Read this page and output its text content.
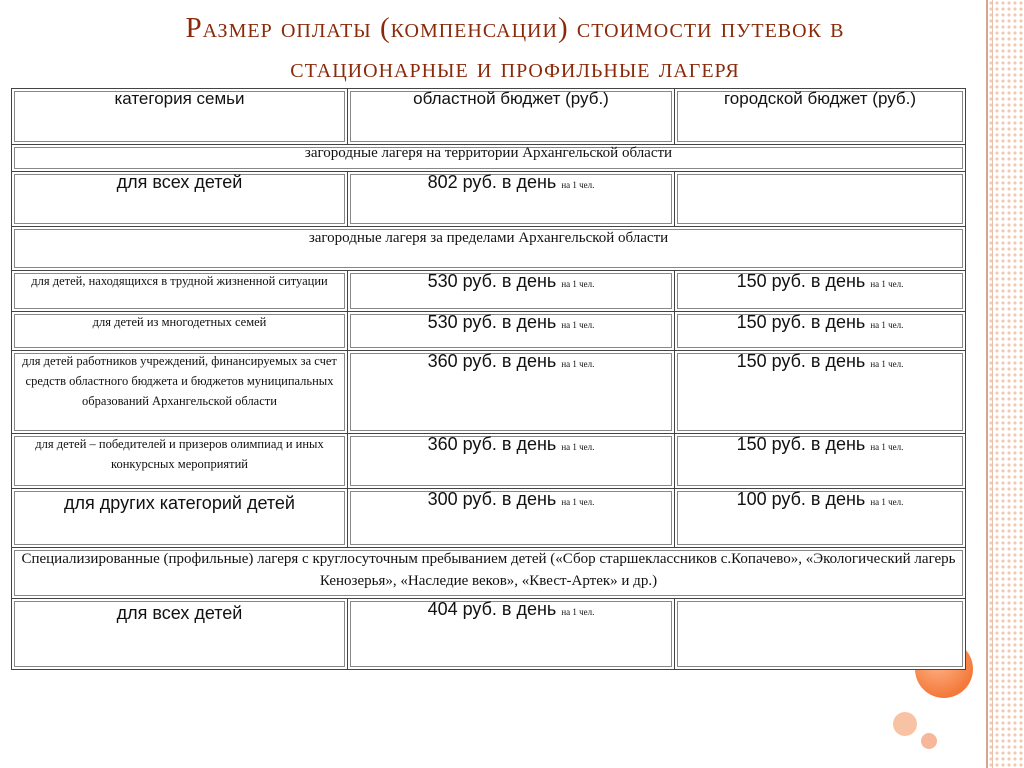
Размер оплаты (компенсации) стоимости путевок в
стационарные и профильные лагеря
категория семьи	областной бюджет (руб.)	городской бюджет (руб.)
загородные лагеря на территории Архангельской области		
для всех детей	802 руб. в день на 1 чел.	
загородные лагеря за пределами Архангельской области		
для детей, находящихся в трудной жизненной ситуации	530 руб. в день на 1 чел.	150 руб. в день на 1 чел.
для детей из многодетных семей	530 руб. в день на 1 чел.	150 руб. в день на 1 чел.
для детей работников учреждений, финансируемых за счет средств областного бюджета и бюджетов муниципальных образований Архангельской области	360 руб. в день на 1 чел.	150 руб. в день на 1 чел.
для детей – победителей и призеров олимпиад и иных конкурсных мероприятий	360 руб. в день на 1 чел.	150 руб. в день на 1 чел.
для других категорий детей	300 руб. в день на 1 чел.	100 руб. в день на 1 чел.
Специализированные (профильные) лагеря с круглосуточным пребыванием детей («Сбор старшеклассников с.Копачево», «Экологический лагерь Кенозерья», «Наследие веков», «Квест-Артек» и др.)		
для всех детей	404 руб. в день на 1 чел.	
